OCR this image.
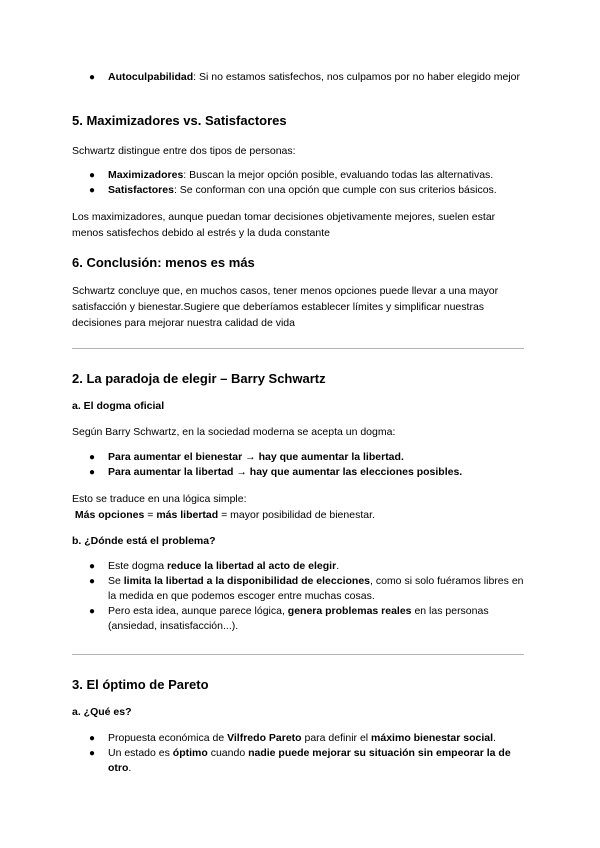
● Autoculpabilidad: Si no estamos satisfechos, nos culpamos por no haber elegido mejor
5. Maximizadores vs. Satisfactores

Schwartz distingue entre dos tipos de personas:

● Maximizadores: Buscan la mejor opción posible, evaluando todas las alternativas.
● Satisfactores: Se conforman con una opción que cumple con sus criterios básicos.

Los maximizadores, aunque puedan tomar decisiones objetivamente mejores, suelen estar menos satisfechos debido al estrés y la duda constante

6. Conclusión: menos es más

Schwartz concluye que, en muchos casos, tener menos opciones puede llevar a una mayor satisfacción y bienestar.Sugiere que deberíamos establecer límites y simplificar nuestras decisiones para mejorar nuestra calidad de vida

2. La paradoja de elegir – Barry Schwartz
a. El dogma oficial

Según Barry Schwartz, en la sociedad moderna se acepta un dogma:

● Para aumentar el bienestar → hay que aumentar la libertad.
● Para aumentar la libertad → hay que aumentar las elecciones posibles.

Esto se traduce en una lógica simple:

Más opciones = más libertad = mayor posibilidad de bienestar.

b. ¿Dónde está el problema?
● Este dogma reduce la libertad al acto de elegir.
● Se limita la libertad a la disponibilidad de elecciones, como si solo fuéramos libres en la medida en que podemos escoger entre muchas cosas.
● Pero esta idea, aunque parece lógica, genera problemas reales en las personas (ansiedad, insatisfacción...).
3. El óptimo de Pareto
a. ¿Qué es?
● Propuesta económica de Vilfredo Pareto para definir el máximo bienestar social.
● Un estado es óptimo cuando nadie puede mejorar su situación sin empeorar la de otro.
